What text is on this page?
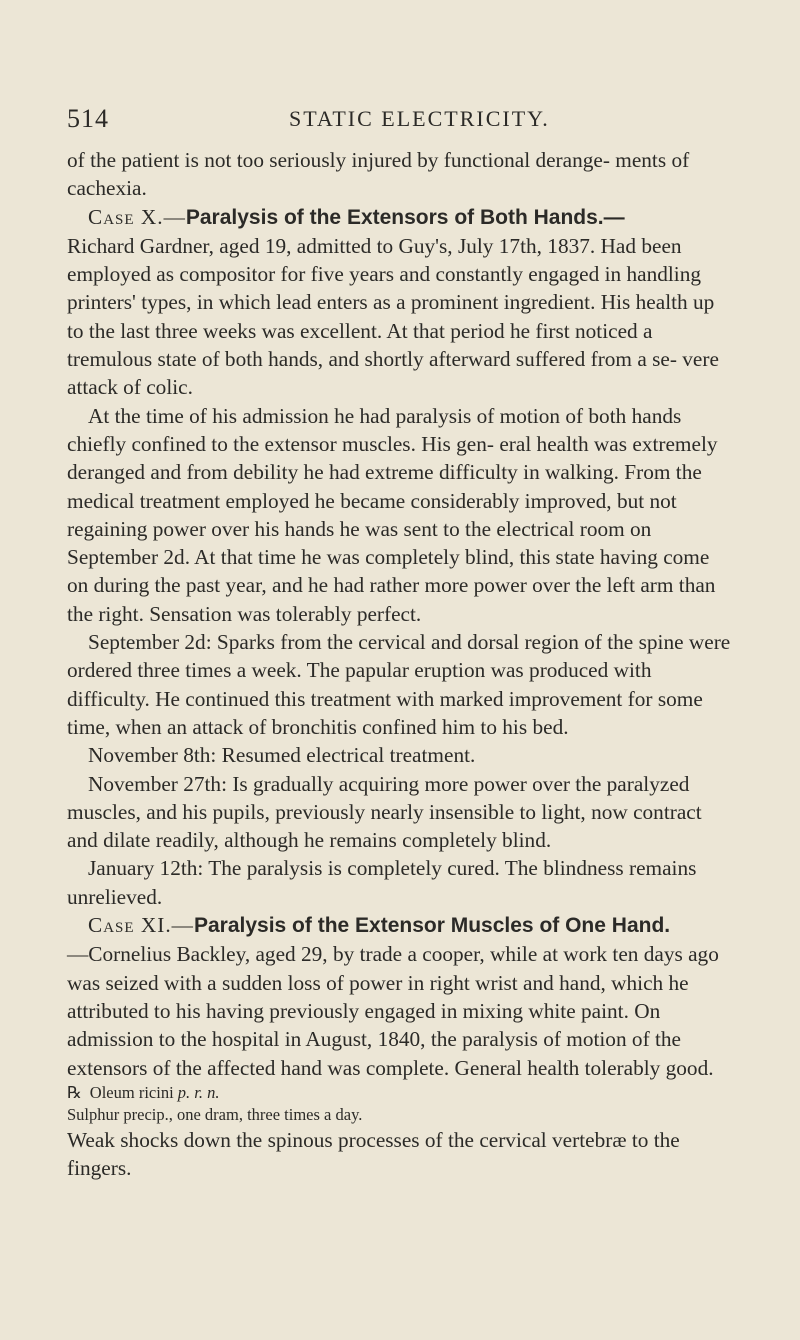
514	STATIC ELECTRICITY.

of the patient is not too seriously injured by functional derange- ments of cachexia.

Case X.—Paralysis of the Extensors of Both Hands.—

Richard Gardner, aged 19, admitted to Guy's, July 17th, 1837. Had been employed as compositor for five years and constantly engaged in handling printers' types, in which lead enters as a prominent ingredient. His health up to the last three weeks was excellent. At that period he first noticed a tremulous state of both hands, and shortly afterward suffered from a se- vere attack of colic.

At the time of his admission he had paralysis of motion of both hands chiefly confined to the extensor muscles. His gen- eral health was extremely deranged and from debility he had extreme difficulty in walking. From the medical treatment employed he became considerably improved, but not regaining power over his hands he was sent to the electrical room on September 2d. At that time he was completely blind, this state having come on during the past year, and he had rather more power over the left arm than the right. Sensation was tolerably perfect.

September 2d: Sparks from the cervical and dorsal region of the spine were ordered three times a week. The papular eruption was produced with difficulty. He continued this treatment with marked improvement for some time, when an attack of bronchitis confined him to his bed.

November 8th: Resumed electrical treatment.

November 27th: Is gradually acquiring more power over the paralyzed muscles, and his pupils, previously nearly insensible to light, now contract and dilate readily, although he remains completely blind.

January 12th: The paralysis is completely cured. The blindness remains unrelieved.

Case XI.—Paralysis of the Extensor Muscles of One Hand.

—Cornelius Backley, aged 29, by trade a cooper, while at work ten days ago was seized with a sudden loss of power in right wrist and hand, which he attributed to his having previously engaged in mixing white paint. On admission to the hospital in August, 1840, the paralysis of motion of the extensors of the affected hand was complete. General health tolerably good.

℞ Oleum ricini p. r. n.

Sulphur precip., one dram, three times a day.

Weak shocks down the spinous processes of the cervical vertebræ to the fingers.
